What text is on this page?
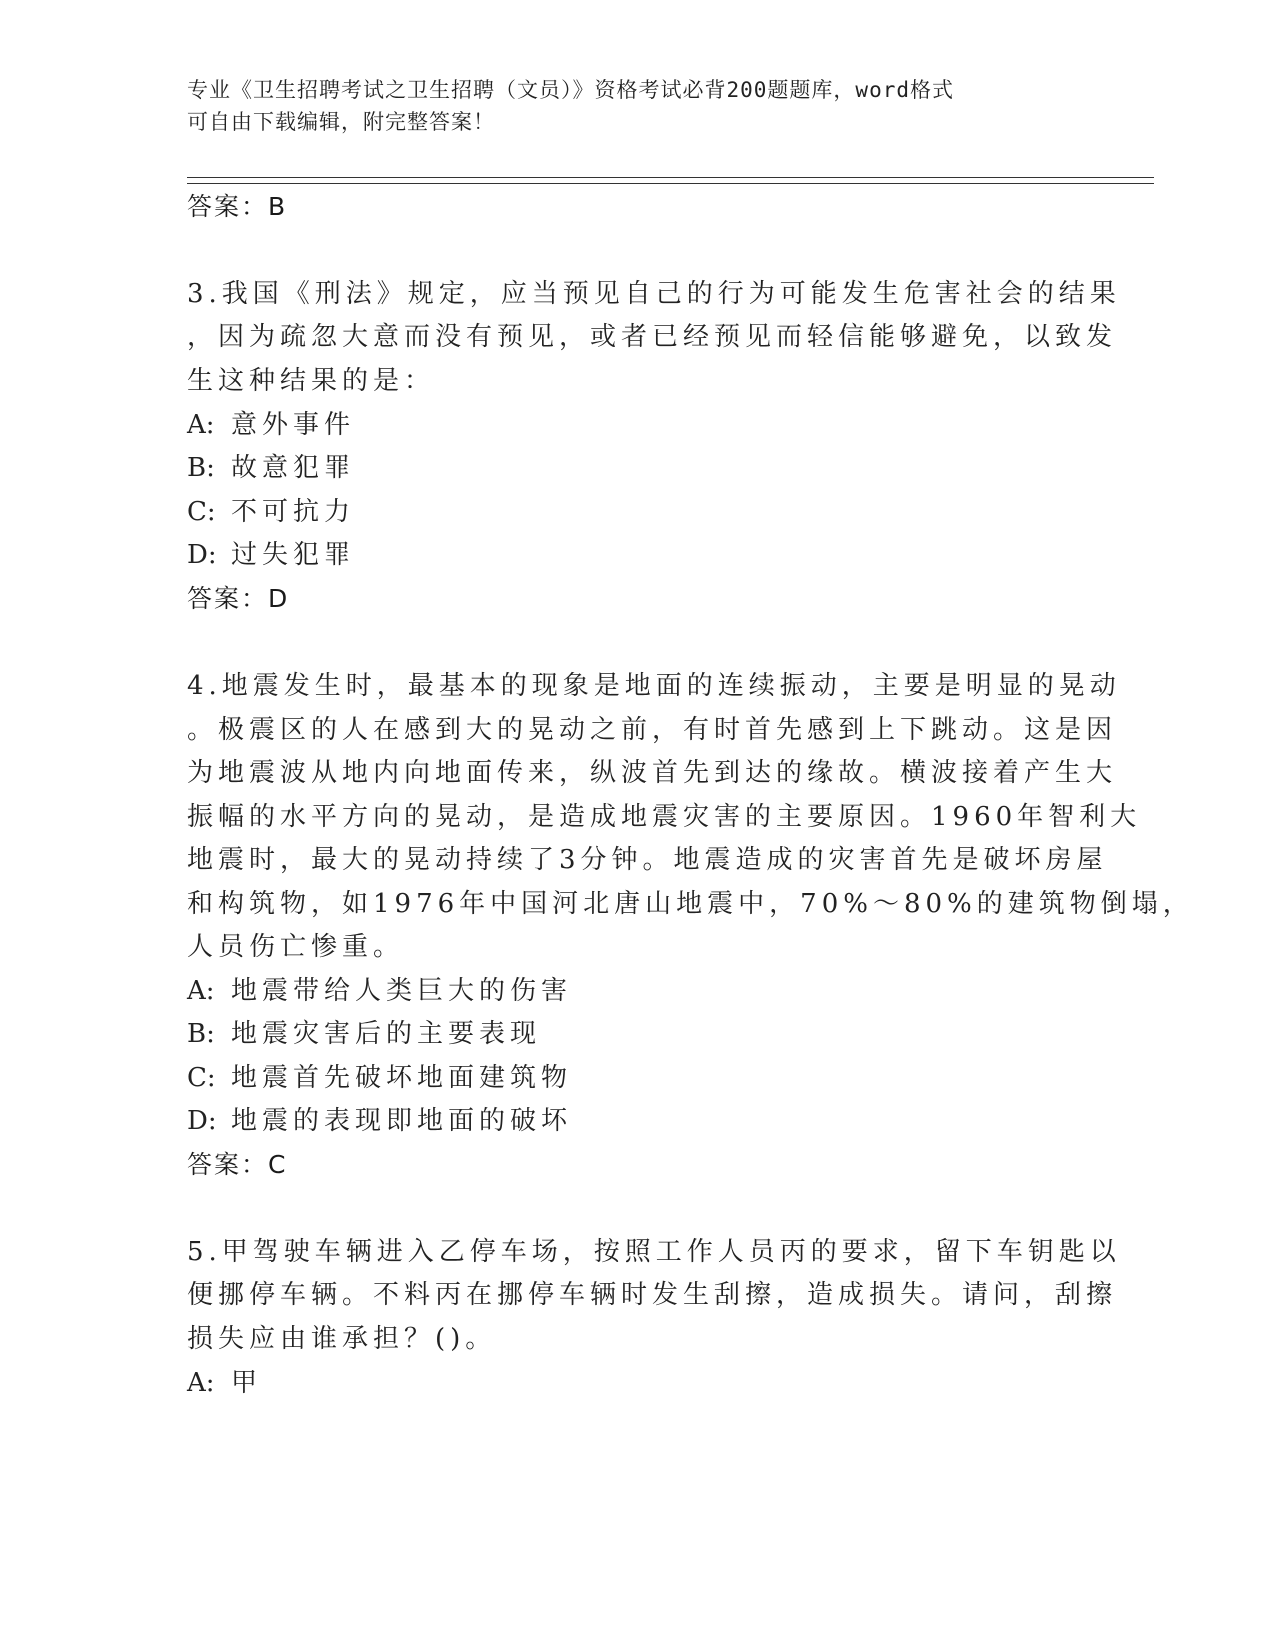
专业《卫生招聘考试之卫生招聘（文员）》资格考试必背200题题库，word格式
可自由下载编辑，附完整答案！
答案：B
3.我国《刑法》规定，应当预见自己的行为可能发生危害社会的结果
，因为疏忽大意而没有预见，或者已经预见而轻信能够避免，以致发
生这种结果的是：
A: 意外事件
B: 故意犯罪
C: 不可抗力
D: 过失犯罪
答案：D
4.地震发生时，最基本的现象是地面的连续振动，主要是明显的晃动
。极震区的人在感到大的晃动之前，有时首先感到上下跳动。这是因
为地震波从地内向地面传来，纵波首先到达的缘故。横波接着产生大
振幅的水平方向的晃动，是造成地震灾害的主要原因。1960年智利大
地震时，最大的晃动持续了3分钟。地震造成的灾害首先是破坏房屋
和构筑物，如1976年中国河北唐山地震中，70%～80%的建筑物倒塌，
人员伤亡惨重。
A: 地震带给人类巨大的伤害
B: 地震灾害后的主要表现
C: 地震首先破坏地面建筑物
D: 地震的表现即地面的破坏
答案：C
5.甲驾驶车辆进入乙停车场，按照工作人员丙的要求，留下车钥匙以
便挪停车辆。不料丙在挪停车辆时发生刮擦，造成损失。请问，刮擦
损失应由谁承担？()。
A: 甲
